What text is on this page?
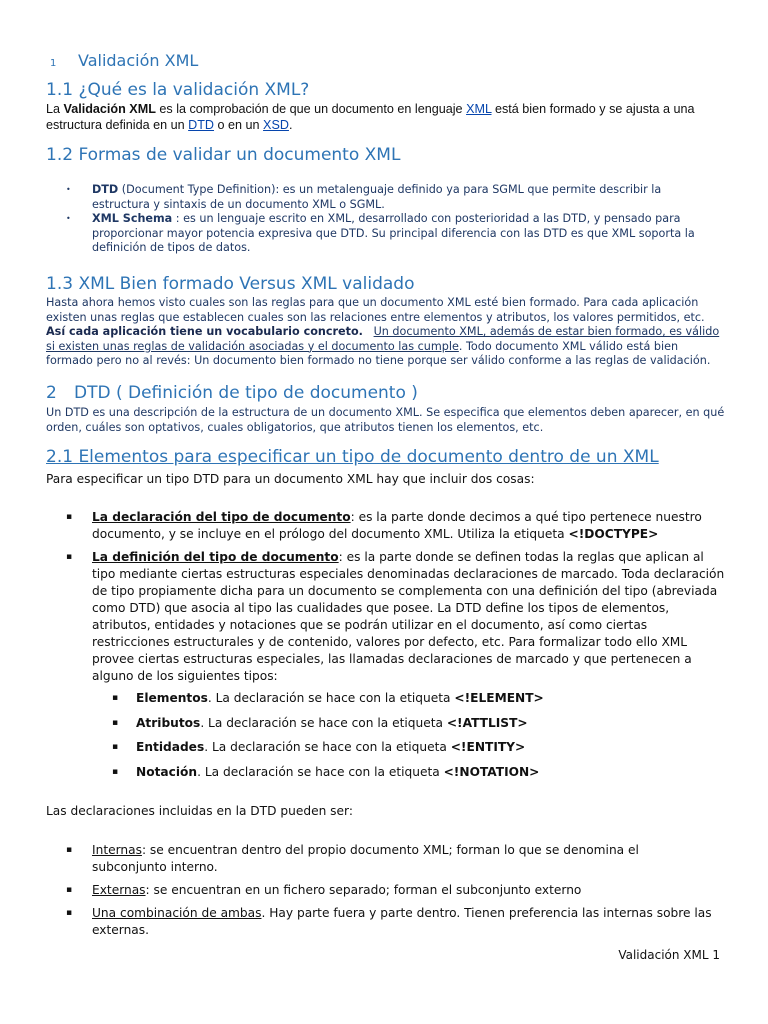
1 Validación XML
1.1 ¿Qué es la validación XML?

La Validación XML es la comprobación de que un documento en lenguaje XML está bien formado y se ajusta a una estructura definida en un DTD o en un XSD.

1.2 Formas de validar un documento XML
• DTD (Document Type Definition): es un metalenguaje definido ya para SGML que permite describir la estructura y sintaxis de un documento XML o SGML.
• XML Schema : es un lenguaje escrito en XML, desarrollado con posterioridad a las DTD, y pensado para proporcionar mayor potencia expresiva que DTD. Su principal diferencia con las DTD es que XML soporta la definición de tipos de datos.
1.3 XML Bien formado Versus XML validado

Hasta ahora hemos visto cuales son las reglas para que un documento XML esté bien formado. Para cada aplicación existen unas reglas que establecen cuales son las relaciones entre elementos y atributos, los valores permitidos, etc. Así cada aplicación tiene un vocabulario concreto. Un documento XML, además de estar bien formado, es válido si existen unas reglas de validación asociadas y el documento las cumple. Todo documento XML válido está bien formado pero no al revés: Un documento bien formado no tiene porque ser válido conforme a las reglas de validación.

2 DTD ( Definición de tipo de documento )

Un DTD es una descripción de la estructura de un documento XML. Se especifica que elementos deben aparecer, en qué orden, cuáles son optativos, cuales obligatorios, que atributos tienen los elementos, etc.

2.1 Elementos para especificar un tipo de documento dentro de un XML

Para especificar un tipo DTD para un documento XML hay que incluir dos cosas:

▪ La declaración del tipo de documento: es la parte donde decimos a qué tipo pertenece nuestro documento, y se incluye en el prólogo del documento XML. Utiliza la etiqueta <!DOCTYPE>
▪ La definición del tipo de documento: es la parte donde se definen todas la reglas que aplican al tipo mediante ciertas estructuras especiales denominadas declaraciones de marcado. Toda declaración de tipo propiamente dicha para un documento se complementa con una definición del tipo (abreviada como DTD) que asocia al tipo las cualidades que posee. La DTD define los tipos de elementos, atributos, entidades y notaciones que se podrán utilizar en el documento, así como ciertas restricciones estructurales y de contenido, valores por defecto, etc. Para formalizar todo ello XML provee ciertas estructuras especiales, las llamadas declaraciones de marcado y que pertenecen a alguno de los siguientes tipos:
▪ Elementos. La declaración se hace con la etiqueta <!ELEMENT>
▪ Atributos. La declaración se hace con la etiqueta <!ATTLIST>
▪ Entidades. La declaración se hace con la etiqueta <!ENTITY>
▪ Notación. La declaración se hace con la etiqueta <!NOTATION>

Las declaraciones incluidas en la DTD pueden ser:

▪ Internas: se encuentran dentro del propio documento XML; forman lo que se denomina el subconjunto interno.
▪ Externas: se encuentran en un fichero separado; forman el subconjunto externo
▪ Una combinación de ambas. Hay parte fuera y parte dentro. Tienen preferencia las internas sobre las externas.
Validación XML 1
